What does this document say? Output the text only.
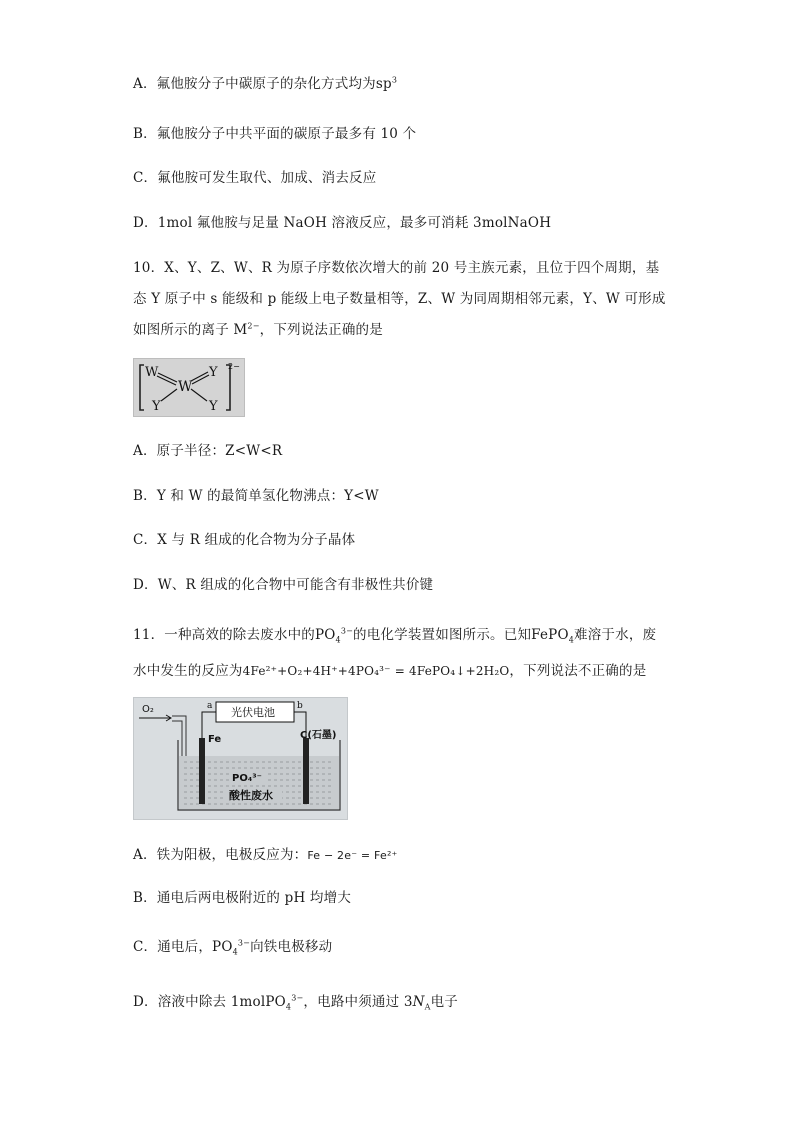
A．氟他胺分子中碳原子的杂化方式均为$sp^3$
B．氟他胺分子中共平面的碳原子最多有 10 个
C．氟他胺可发生取代、加成、消去反应
D．1mol 氟他胺与足量 NaOH 溶液反应，最多可消耗 3molNaOH
10．X、Y、Z、W、R 为原子序数依次增大的前 20 号主族元素，且位于四个周期，基
态 Y 原子中 s 能级和 p 能级上电子数量相等，Z、W 为同周期相邻元素，Y、W 可形成
如图所示的离子 $M^{2-}$，下列说法正确的是
W
W
Y
Y	Y
2−
A．原子半径：Z<W<R
B．Y 和 W 的最简单氢化物沸点：Y<W
C．X 与 R 组成的化合物为分子晶体
D．W、R 组成的化合物中可能含有非极性共价键
11．一种高效的除去废水中的$PO_4^{3-}$的电化学装置如图所示。已知FePO$_4$难溶于水，废
水中发生的反应为4Fe²⁺+O₂+4H⁺+4PO₄³⁻ = 4FePO₄↓+2H₂O，下列说法不正确的是
O₂	a	b
光伏电池
Fe	C(石墨)
PO₄³⁻
酸性废水
A．铁为阳极，电极反应为：Fe − 2e⁻ = Fe²⁺
B．通电后两电极附近的 pH 均增大
C．通电后，$PO_4^{3-}$向铁电极移动
D．溶液中除去 1molPO$_4^{3-}$，电路中须通过 $3N_A$电子
